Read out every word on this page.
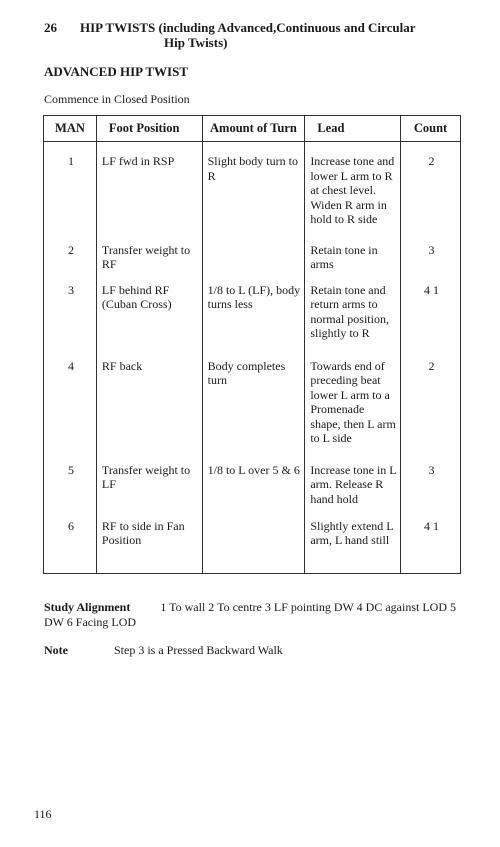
26 HIP TWISTS (including Advanced,Continuous and Circular
Hip Twists)
ADVANCED HIP TWIST
Commence in Closed Position
MAN	Foot Position	Amount of Turn	Lead	Count
1	LF fwd in RSP	Slight body turn to R	Increase tone and lower L arm to R at chest level. Widen R arm in hold to R side	2
2	Transfer weight to RF		Retain tone in arms	3
3	LF behind RF (Cuban Cross)	1/8 to L (LF), body turns less	Retain tone and return arms to normal position, slightly to R	4 1
4	RF back	Body completes turn	Towards end of preceding beat lower L arm to a Promenade shape, then L arm to L side	2
5	Transfer weight to LF	1/8 to L over 5 & 6	Increase tone in L arm. Release R hand hold	3
6	RF to side in Fan Position		Slightly extend L arm, L hand still	4 1
Study Alignment	1 To wall 2 To centre 3 LF pointing DW 4 DC against LOD 5 DW 6 Facing LOD
Note	Step 3 is a Pressed Backward Walk
116
